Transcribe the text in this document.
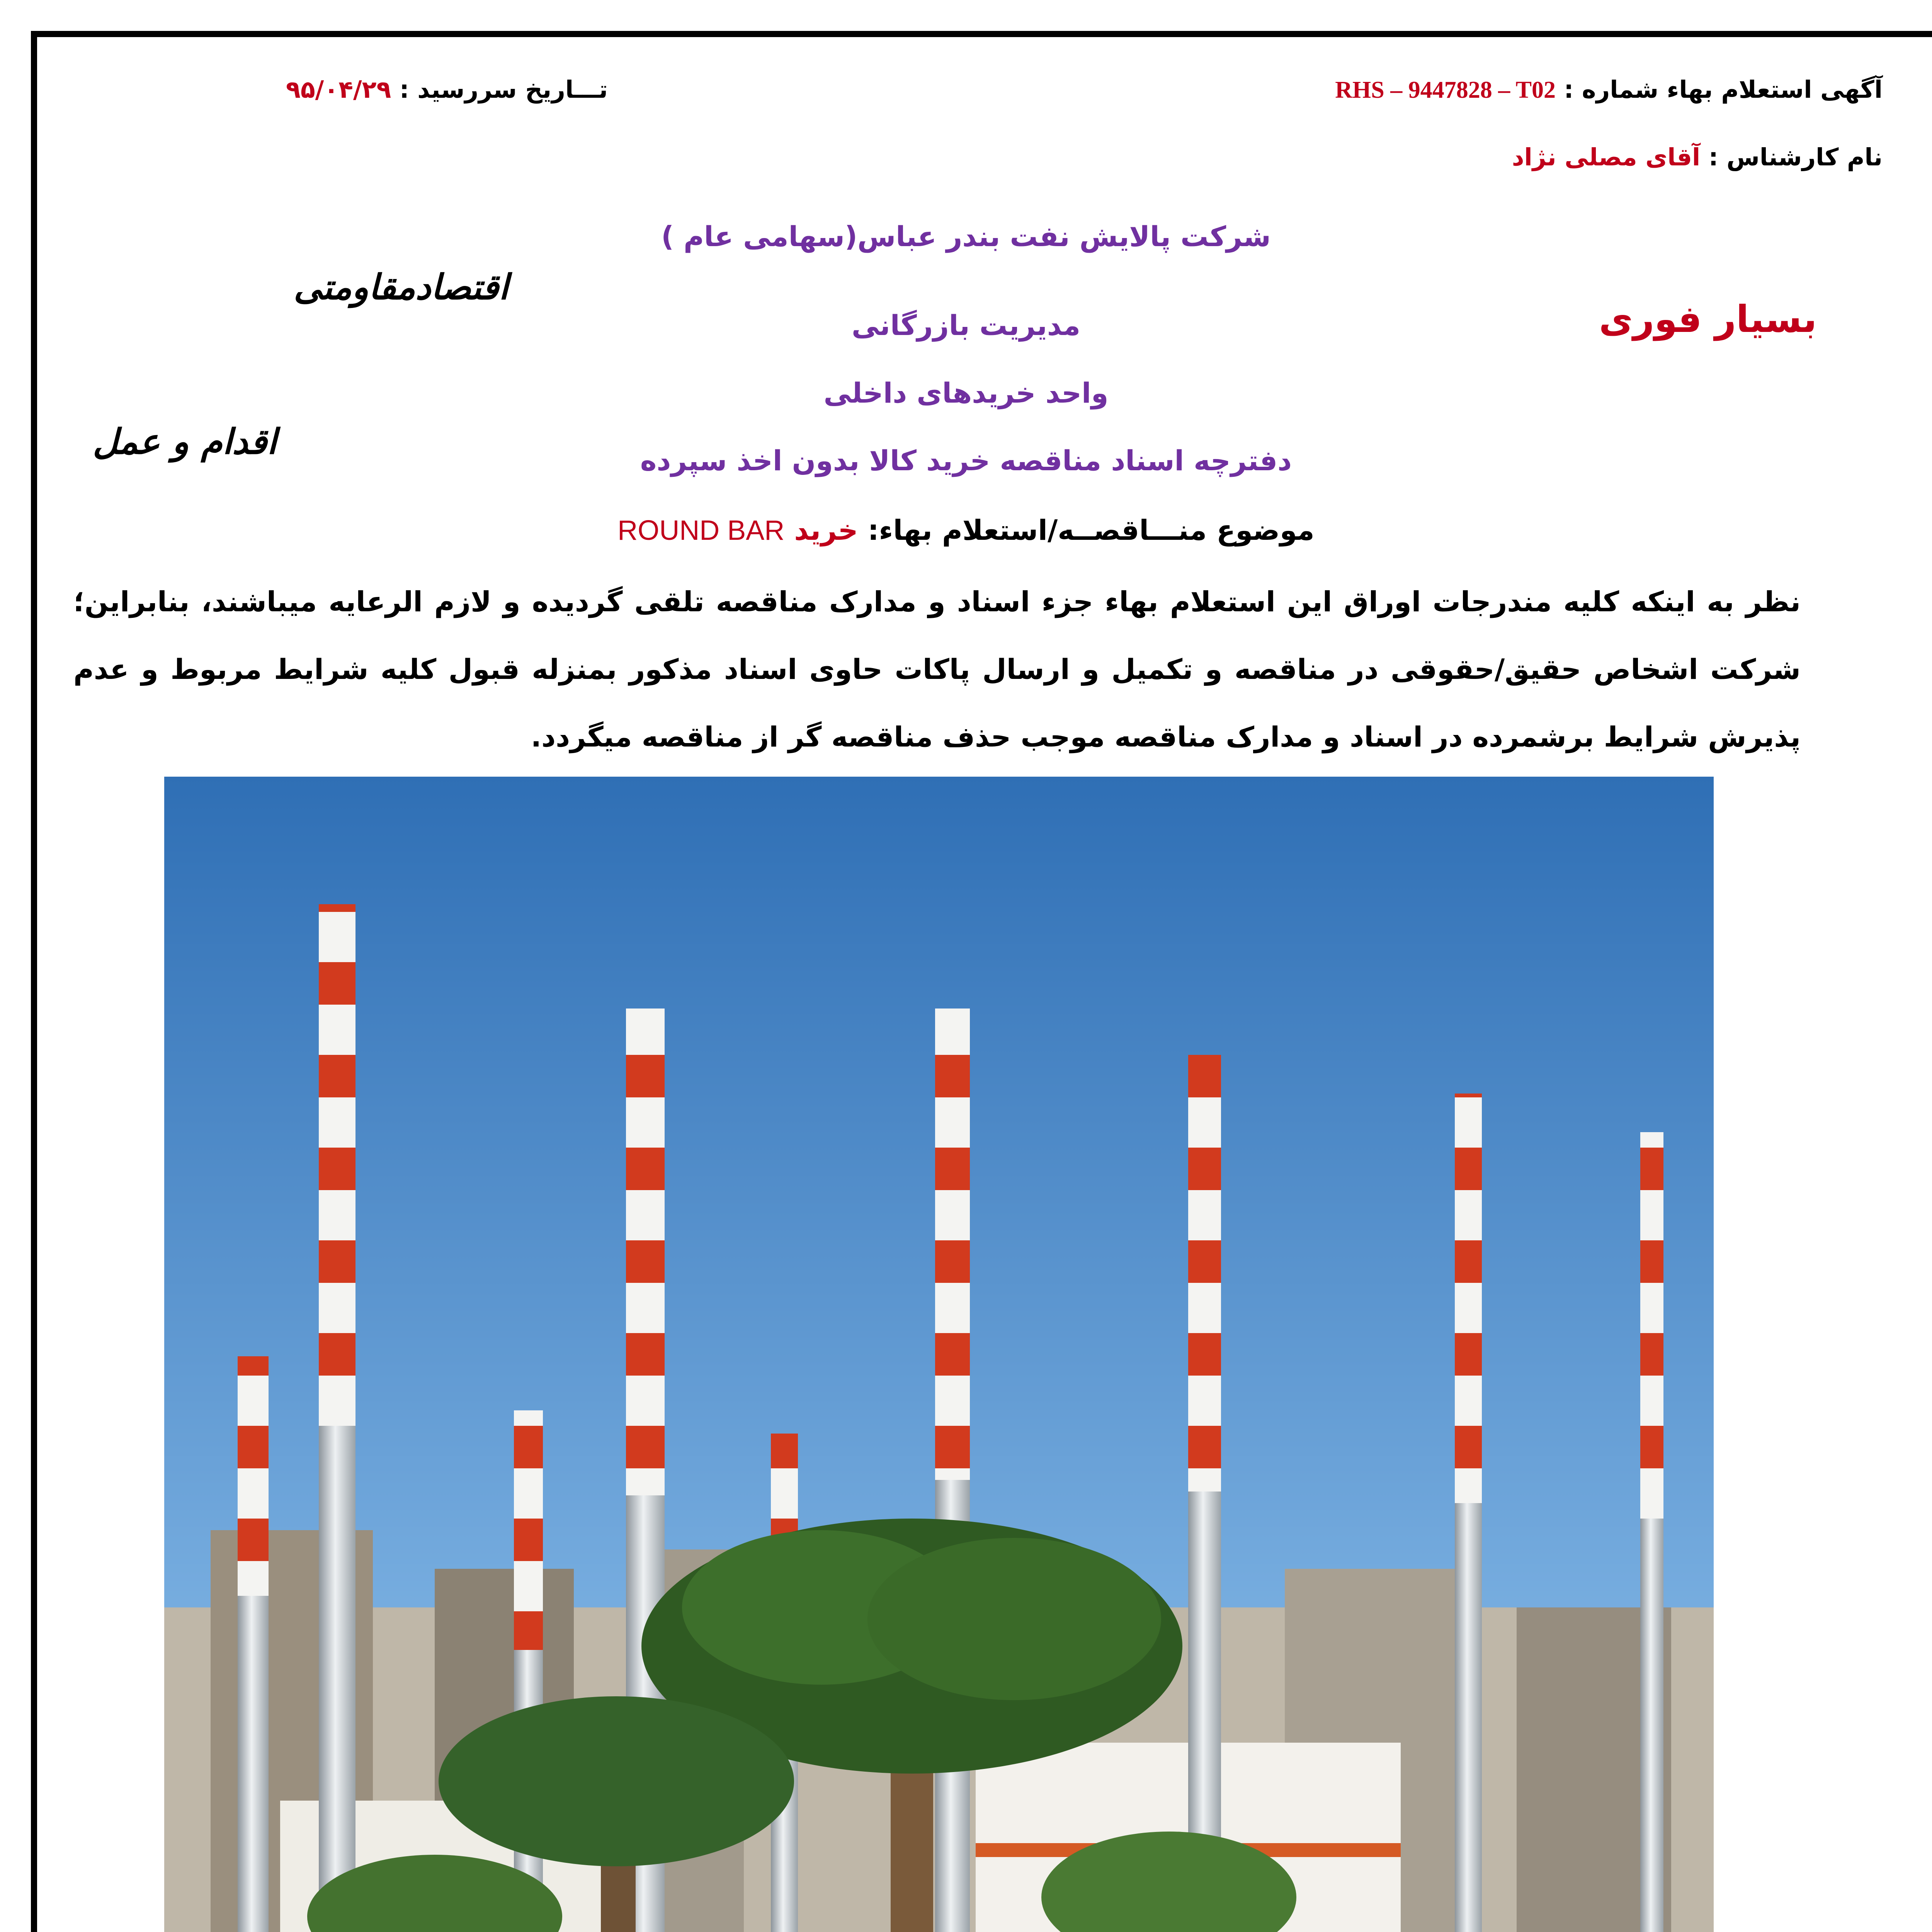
آگهی استعلام بهاء شماره : RHS – 9447828 – T02
تـــاریخ سررسید : ۹۵/۰۴/۲۹
نام کارشناس : آقای مصلی نژاد
اقتصادمقاومتی
اقدام و عمل
بسیار فوری
شرکت پالایش نفت بندر عباس(سهامی عام )
مدیریت بازرگانی
واحد خریدهای داخلی
دفترچه اسناد مناقصه خرید کالا بدون اخذ سپرده
موضوع منـــاقصــه/استعلام بهاء: خرید ROUND BAR
نظر به اینکه کلیه مندرجات اوراق این استعلام بهاء جزء اسناد و مدارک مناقصه تلقی گردیده و لازم الرعایه میباشند، بنابراین؛ شرکت اشخاص حقیق/حقوقی در مناقصه و تکمیل و ارسال پاکات حاوی اسناد مذکور بمنزله قبول کلیه شرایط مربوط و عدم پذیرش شرایط برشمرده در اسناد و مدارک مناقصه موجب حذف مناقصه گر از مناقصه میگردد.
